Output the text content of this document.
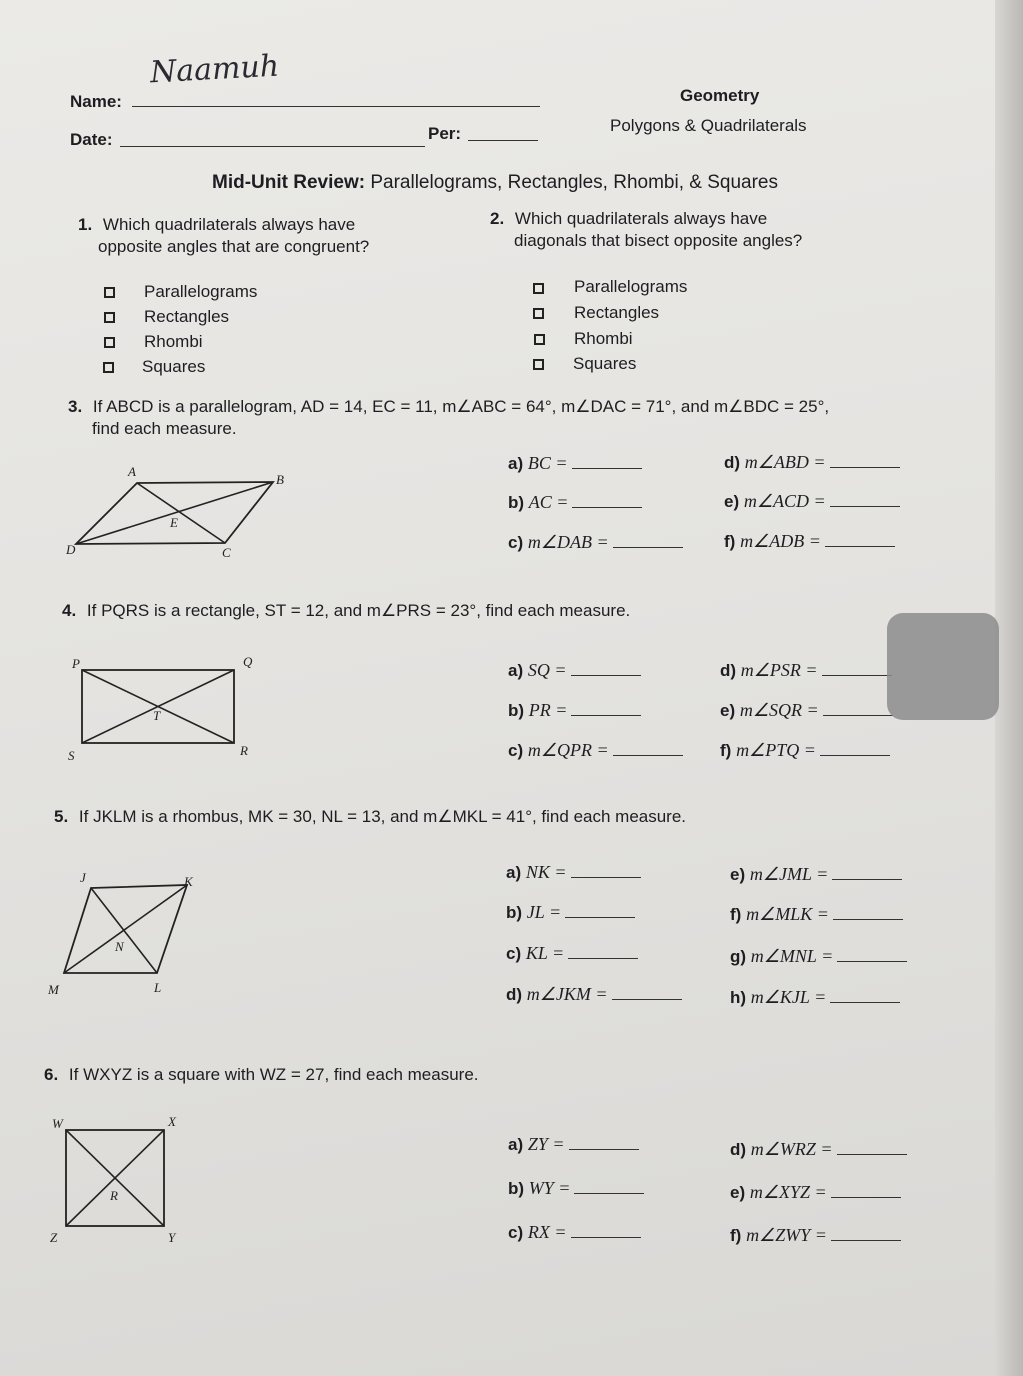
Name:
Naamuh
Geometry
Date:	Per:	Polygons & Quadrilaterals
Mid-Unit Review: Parallelograms, Rectangles, Rhombi, & Squares
1. Which quadrilaterals always have
opposite angles that are congruent?
2. Which quadrilaterals always have
diagonals that bisect opposite angles?
Parallelograms
Rectangles
Rhombi
Squares
Parallelograms
Rectangles
Rhombi
Squares
3. If ABCD is a parallelogram, AD = 14, EC = 11, m∠ABC = 64°, m∠DAC = 71°, and m∠BDC = 25°,
find each measure.
A
B
C
D
E
a) BC =
b) AC =
c) m∠DAB =
d) m∠ABD =
e) m∠ACD =
f) m∠ADB =
4. If PQRS is a rectangle, ST = 12, and m∠PRS = 23°, find each measure.
P	Q
R
S
T
a) SQ =
b) PR =
c) m∠QPR =
d) m∠PSR =
e) m∠SQR =
f) m∠PTQ =
5. If JKLM is a rhombus, MK = 30, NL = 13, and m∠MKL = 41°, find each measure.
J	K
L
M
N
a) NK =
b) JL =
c) KL =
d) m∠JKM =
e) m∠JML =
f) m∠MLK =
g) m∠MNL =
h) m∠KJL =
6. If WXYZ is a square with WZ = 27, find each measure.
W	X
Y
Z
R
a) ZY =
b) WY =
c) RX =
d) m∠WRZ =
e) m∠XYZ =
f) m∠ZWY =
